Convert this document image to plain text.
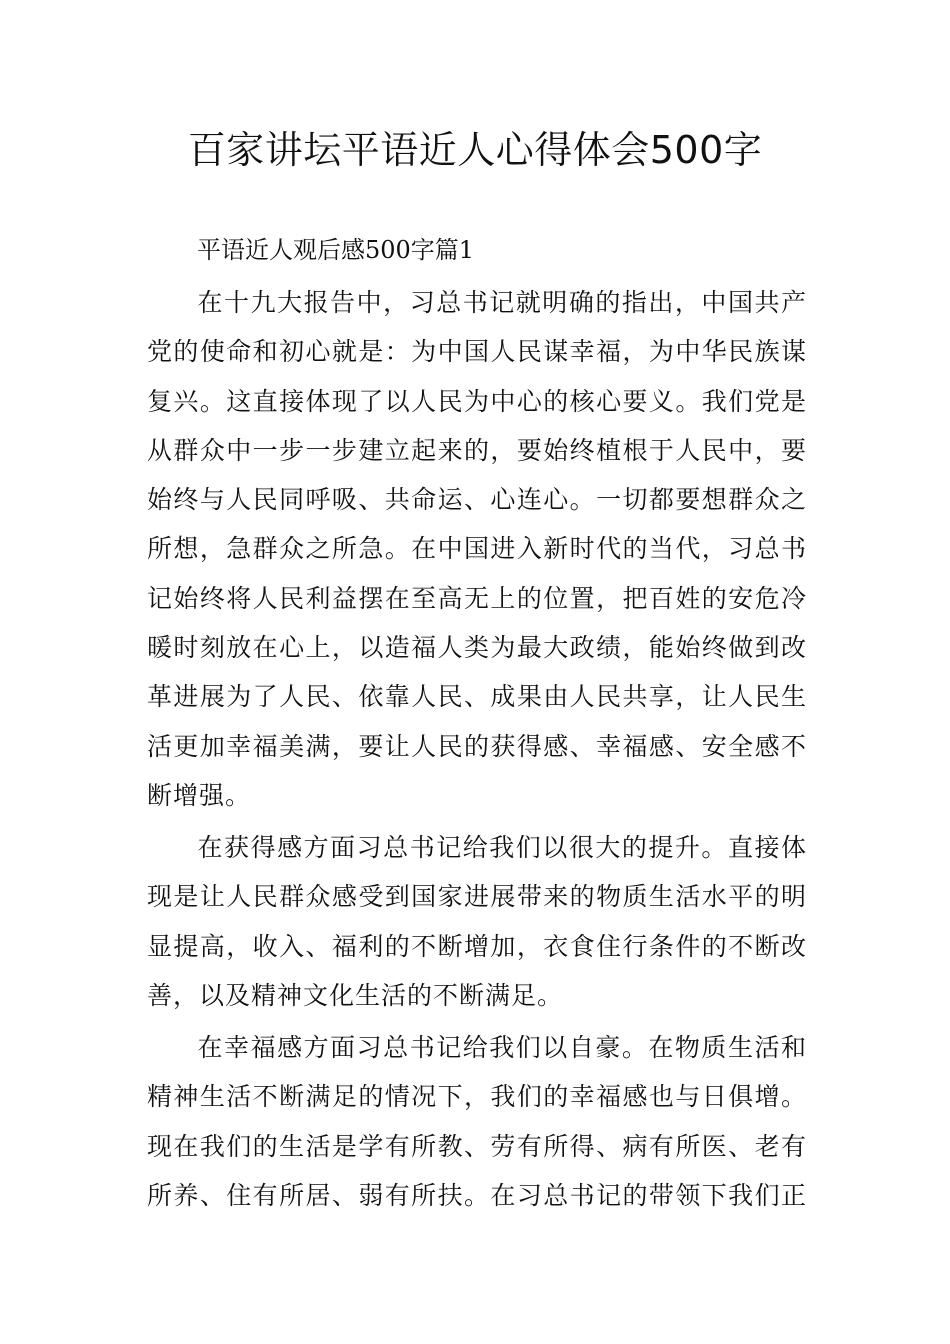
百家讲坛平语近人心得体会500字

平语近人观后感500字篇1

在十九大报告中，习总书记就明确的指出，中国共产
党的使命和初心就是：为中国人民谋幸福，为中华民族谋
复兴。这直接体现了以人民为中心的核心要义。我们党是
从群众中一步一步建立起来的，要始终植根于人民中，要
始终与人民同呼吸、共命运、心连心。一切都要想群众之
所想，急群众之所急。在中国进入新时代的当代，习总书
记始终将人民利益摆在至高无上的位置，把百姓的安危冷
暖时刻放在心上，以造福人类为最大政绩，能始终做到改
革进展为了人民、依靠人民、成果由人民共享，让人民生
活更加幸福美满，要让人民的获得感、幸福感、安全感不
断增强。
在获得感方面习总书记给我们以很大的提升。直接体
现是让人民群众感受到国家进展带来的物质生活水平的明
显提高，收入、福利的不断增加，衣食住行条件的不断改
善，以及精神文化生活的不断满足。
在幸福感方面习总书记给我们以自豪。在物质生活和
精神生活不断满足的情况下，我们的幸福感也与日俱增。
现在我们的生活是学有所教、劳有所得、病有所医、老有
所养、住有所居、弱有所扶。在习总书记的带领下我们正
